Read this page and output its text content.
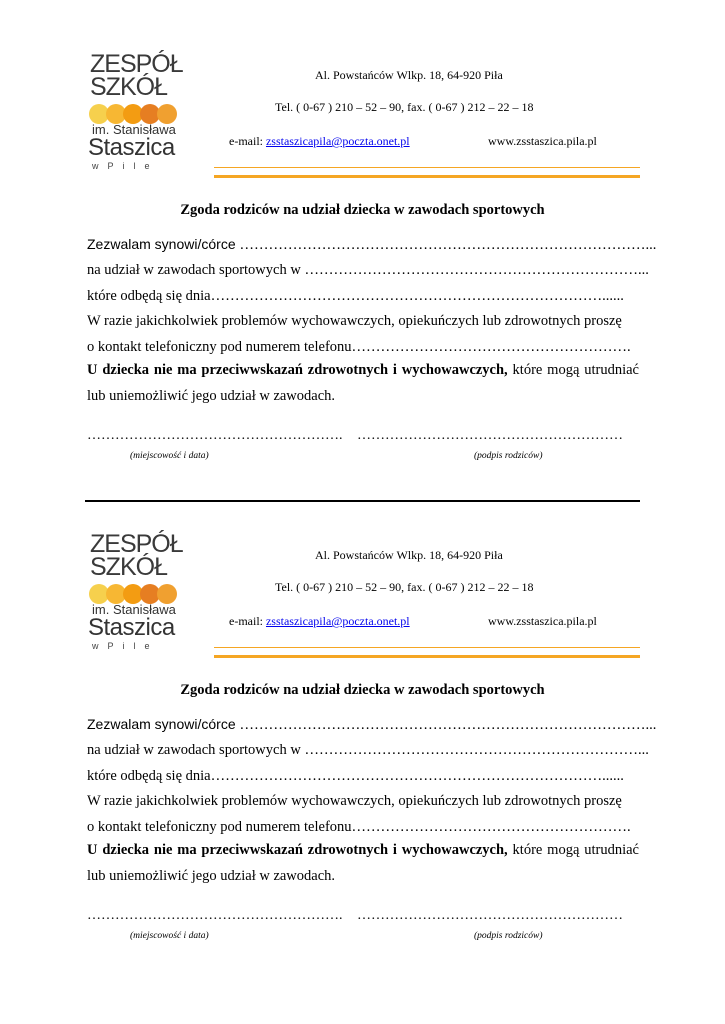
ZESPÓŁ
SZKÓŁ
im. Stanisława
Staszica
wPile
Al. Powstańców Wlkp. 18, 64-920 Piła
Tel. ( 0-67 ) 210 – 52 – 90, fax. ( 0-67 ) 212 – 22 – 18
e-mail: zsstaszicapila@poczta.onet.pl	www.zsstaszica.pila.pl
Zgoda rodziców na udział dziecka w zawodach sportowych
Zezwalam synowi/córce …………………………………………………………………………...
na udział w zawodach sportowych w ……………………………………………………………...
które odbędą się dnia………………………………………………………………………......
W razie jakichkolwiek problemów wychowawczych, opiekuńczych lub zdrowotnych proszę
o kontakt telefoniczny pod numerem telefonu………………………………………………….
U dziecka nie ma przeciwwskazań zdrowotnych i wychowawczych, które mogą utrudniać
lub uniemożliwić jego udział w zawodach.
………………………………………………. …………………………………………………
(miejscowość i data)	(podpis rodziców)
ZESPÓŁ
SZKÓŁ
im. Stanisława
Staszica
wPile
Al. Powstańców Wlkp. 18, 64-920 Piła
Tel. ( 0-67 ) 210 – 52 – 90, fax. ( 0-67 ) 212 – 22 – 18
e-mail: zsstaszicapila@poczta.onet.pl	www.zsstaszica.pila.pl
Zgoda rodziców na udział dziecka w zawodach sportowych
Zezwalam synowi/córce …………………………………………………………………………...
na udział w zawodach sportowych w ……………………………………………………………...
które odbędą się dnia………………………………………………………………………......
W razie jakichkolwiek problemów wychowawczych, opiekuńczych lub zdrowotnych proszę
o kontakt telefoniczny pod numerem telefonu………………………………………………….
U dziecka nie ma przeciwwskazań zdrowotnych i wychowawczych, które mogą utrudniać
lub uniemożliwić jego udział w zawodach.
………………………………………………. …………………………………………………
(miejscowość i data)	(podpis rodziców)
